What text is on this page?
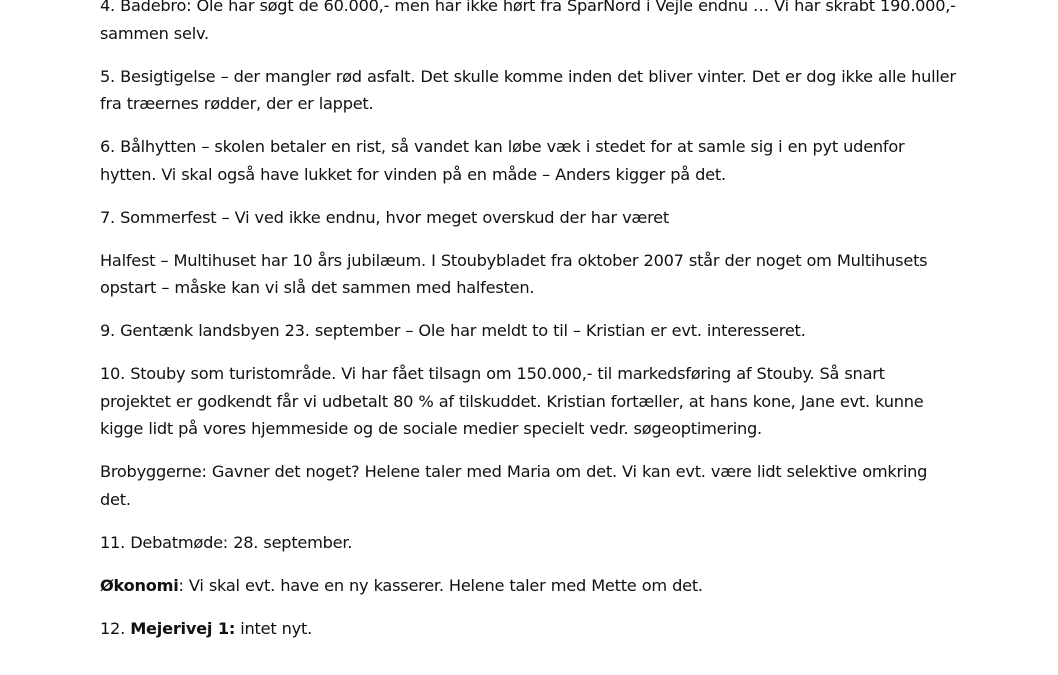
4. Badebro: Ole har søgt de 60.000,- men har ikke hørt fra SparNord i Vejle endnu … Vi har skrabt 190.000,-
sammen selv.

5. Besigtigelse – der mangler rød asfalt. Det skulle komme inden det bliver vinter. Det er dog ikke alle huller
fra træernes rødder, der er lappet.

6. Bålhytten – skolen betaler en rist, så vandet kan løbe væk i stedet for at samle sig i en pyt udenfor
hytten. Vi skal også have lukket for vinden på en måde – Anders kigger på det.

7. Sommerfest – Vi ved ikke endnu, hvor meget overskud der har været

Halfest – Multihuset har 10 års jubilæum. I Stoubybladet fra oktober 2007 står der noget om Multihusets
opstart – måske kan vi slå det sammen med halfesten.

9. Gentænk landsbyen 23. september – Ole har meldt to til – Kristian er evt. interesseret.

10. Stouby som turistområde. Vi har fået tilsagn om 150.000,- til markedsføring af Stouby. Så snart
projektet er godkendt får vi udbetalt 80 % af tilskuddet. Kristian fortæller, at hans kone, Jane evt. kunne
kigge lidt på vores hjemmeside og de sociale medier specielt vedr. søgeoptimering.

Brobyggerne: Gavner det noget? Helene taler med Maria om det. Vi kan evt. være lidt selektive omkring
det.

11. Debatmøde: 28. september.

Økonomi: Vi skal evt. have en ny kasserer. Helene taler med Mette om det.

12. Mejerivej 1: intet nyt.
